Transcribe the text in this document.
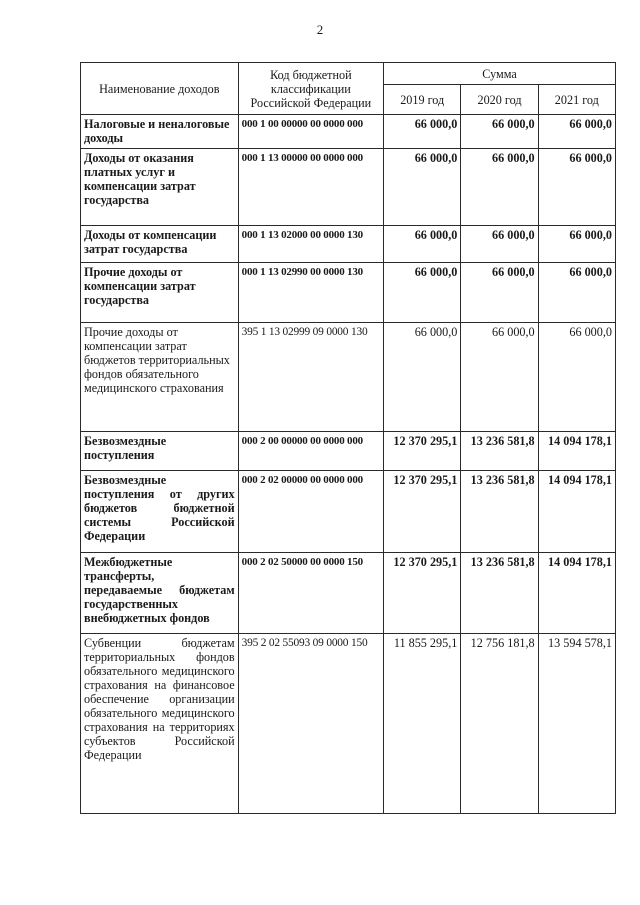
2
Наименование доходов	Код бюджетной классификации Российской Федерации	Сумма		
		2019 год	2020 год	2021 год
Налоговые и неналоговые доходы	000 1 00 00000 00 0000 000	66 000,0	66 000,0	66 000,0
Доходы от оказания платных услуг и компенсации затрат государства	000 1 13 00000 00 0000 000	66 000,0	66 000,0	66 000,0
Доходы от компенсации затрат государства	000 1 13 02000 00 0000 130	66 000,0	66 000,0	66 000,0
Прочие доходы от компенсации затрат государства	000 1 13 02990 00 0000 130	66 000,0	66 000,0	66 000,0
Прочие доходы от компенсации затрат бюджетов территориальных фондов обязательного медицинского страхования	395 1 13 02999 09 0000 130	66 000,0	66 000,0	66 000,0
Безвозмездные поступления	000 2 00 00000 00 0000 000	12 370 295,1	13 236 581,8	14 094 178,1
Безвозмездные поступления от других бюджетов бюджетной системы Российской Федерации	000 2 02 00000 00 0000 000	12 370 295,1	13 236 581,8	14 094 178,1
Межбюджетные трансферты, передаваемые бюджетам государственных внебюджетных фондов	000 2 02 50000 00 0000 150	12 370 295,1	13 236 581,8	14 094 178,1
Субвенции бюджетам территориальных фондов обязательного медицинского страхования на финансовое обеспечение организации обязательного медицинского страхования на территориях субъектов Российской Федерации	395 2 02 55093 09 0000 150	11 855 295,1	12 756 181,8	13 594 578,1
